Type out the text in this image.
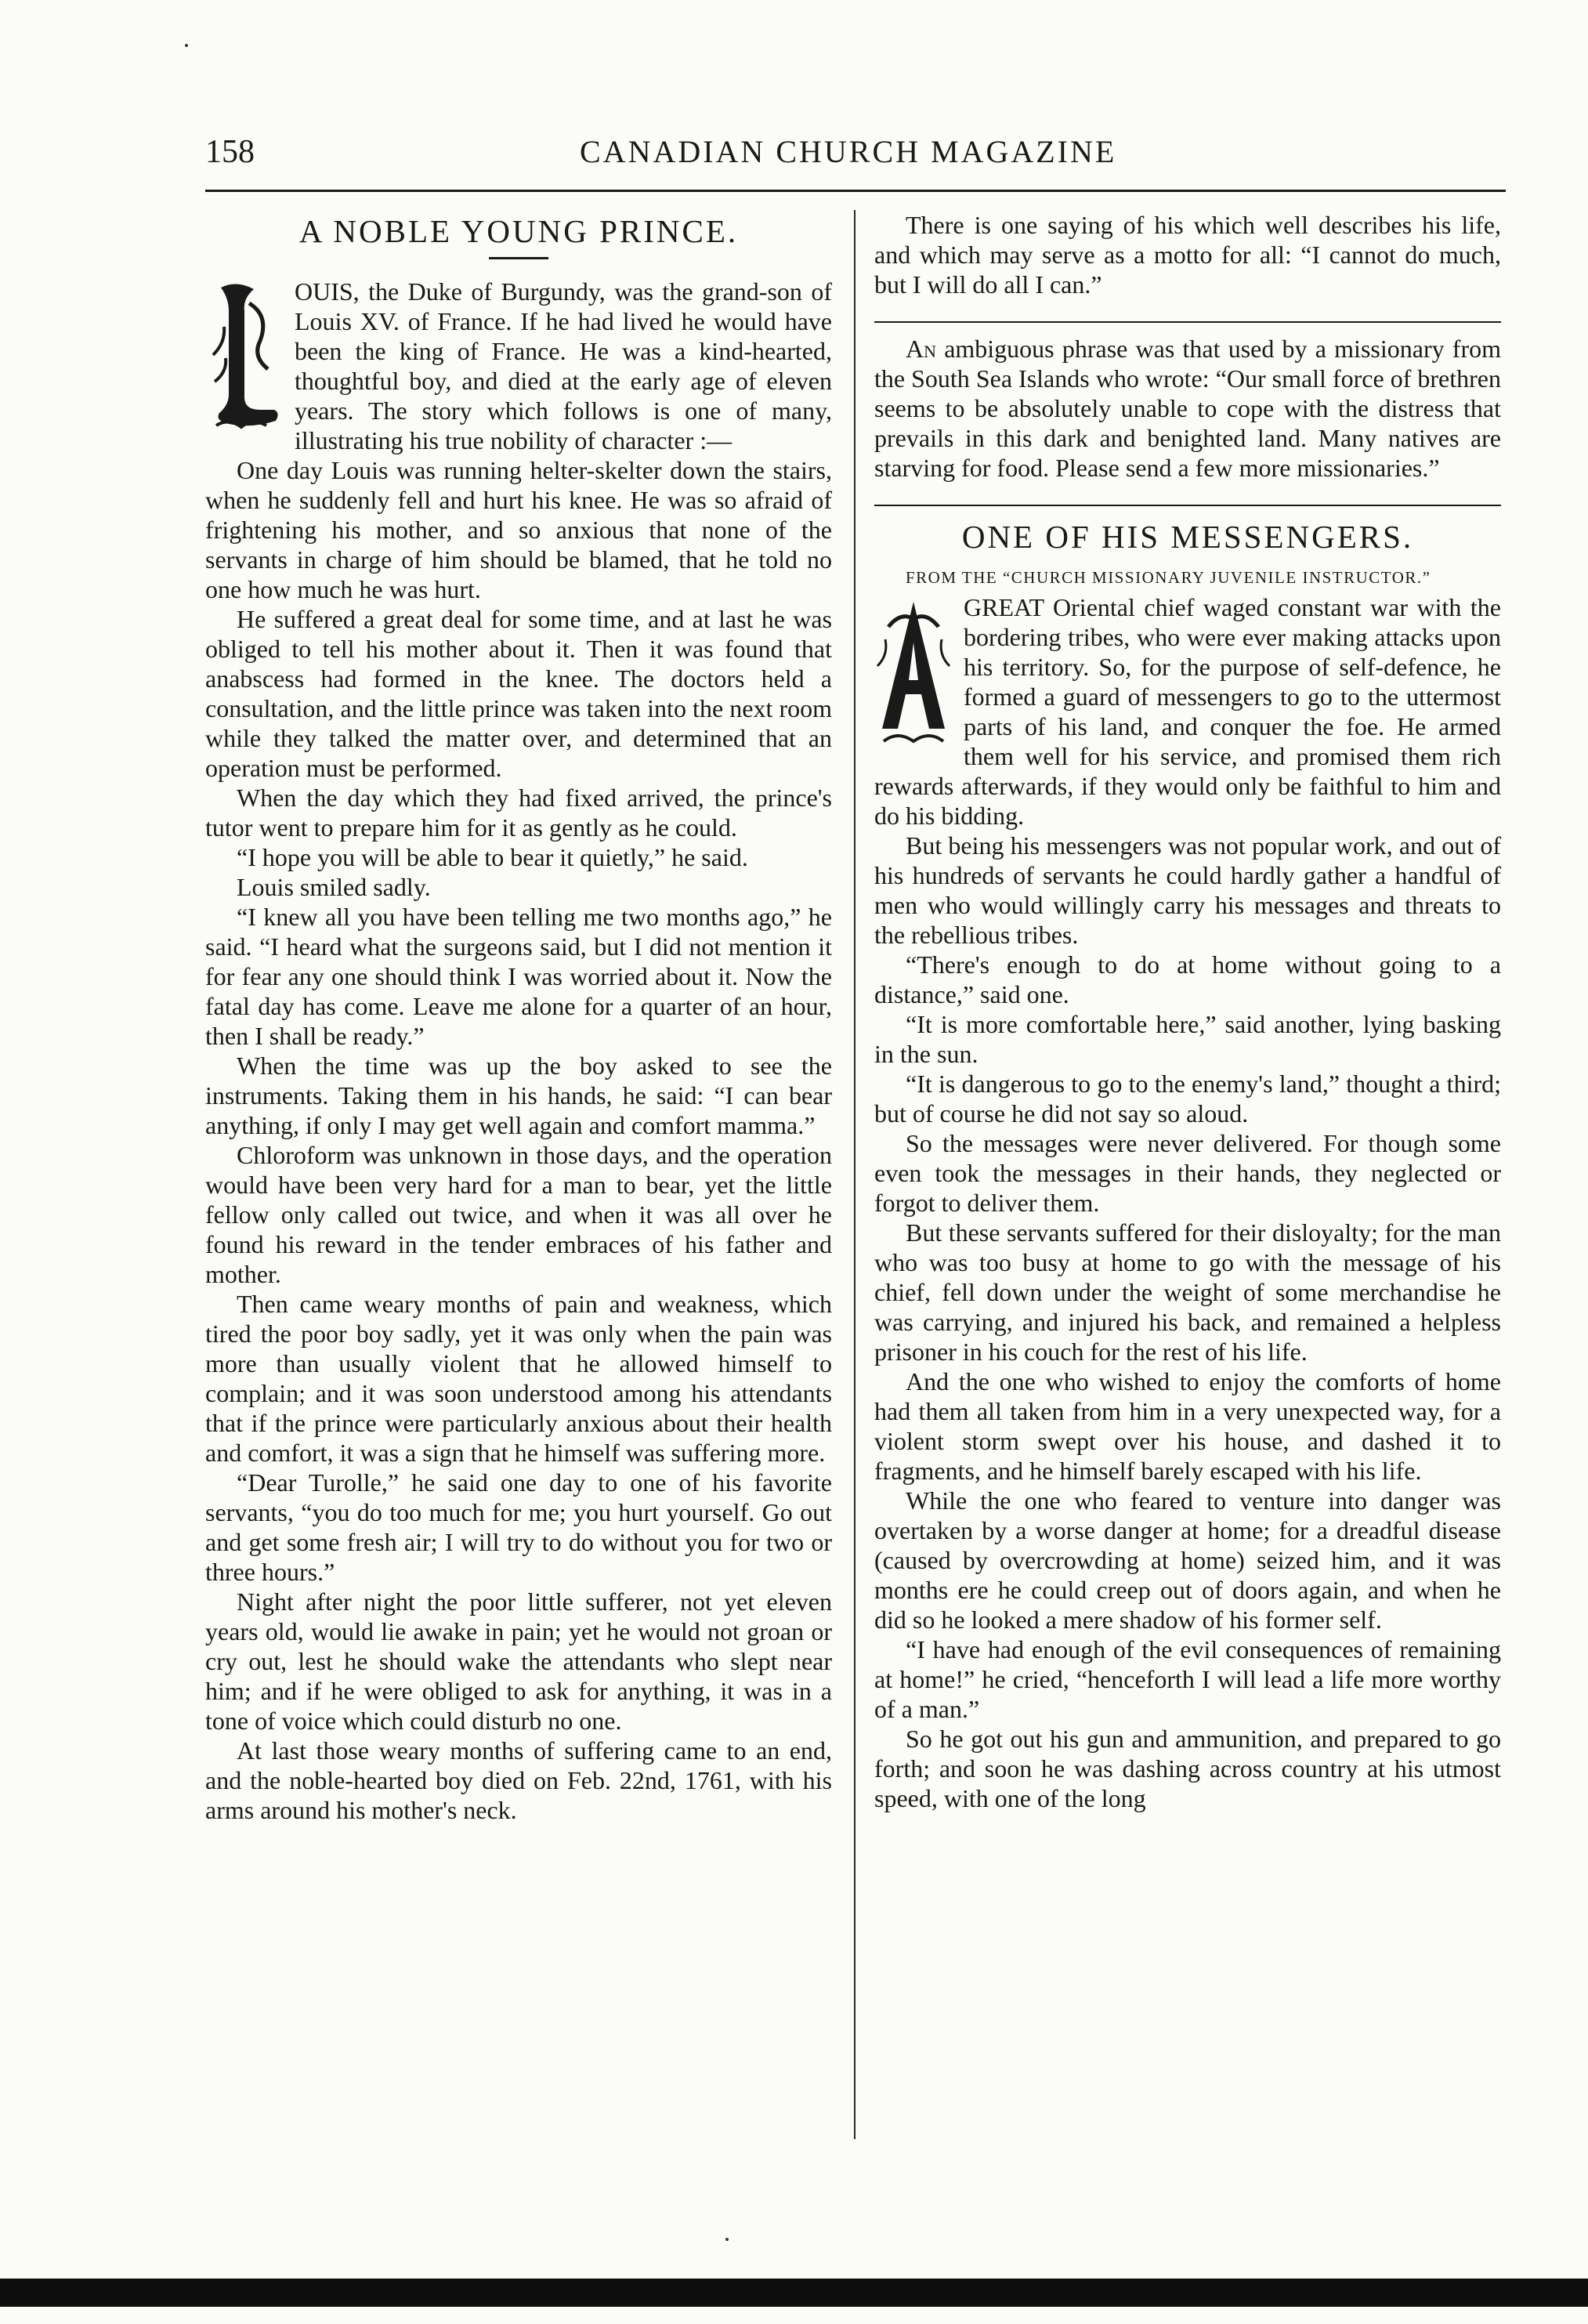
158	CANADIAN CHURCH MAGAZINE
A NOBLE YOUNG PRINCE.

OUIS, the Duke of Burgundy, was the grand-son of Louis XV. of France. If he had lived he would have been the king of France. He was a kind-hearted, thoughtful boy, and died at the early age of eleven years. The story which follows is one of many, illustrating his true nobility of character :—

One day Louis was running helter-skelter down the stairs, when he suddenly fell and hurt his knee. He was so afraid of frightening his mother, and so anxious that none of the servants in charge of him should be blamed, that he told no one how much he was hurt.

He suffered a great deal for some time, and at last he was obliged to tell his mother about it. Then it was found that anabscess had formed in the knee. The doctors held a consultation, and the little prince was taken into the next room while they talked the matter over, and determined that an operation must be performed.

When the day which they had fixed arrived, the prince's tutor went to prepare him for it as gently as he could.

“I hope you will be able to bear it quietly,” he said.

Louis smiled sadly.

“I knew all you have been telling me two months ago,” he said. “I heard what the surgeons said, but I did not mention it for fear any one should think I was worried about it. Now the fatal day has come. Leave me alone for a quarter of an hour, then I shall be ready.”

When the time was up the boy asked to see the instruments. Taking them in his hands, he said: “I can bear anything, if only I may get well again and comfort mamma.”

Chloroform was unknown in those days, and the operation would have been very hard for a man to bear, yet the little fellow only called out twice, and when it was all over he found his reward in the tender embraces of his father and mother.

Then came weary months of pain and weakness, which tired the poor boy sadly, yet it was only when the pain was more than usually violent that he allowed himself to complain; and it was soon understood among his attendants that if the prince were particularly anxious about their health and comfort, it was a sign that he himself was suffering more.

“Dear Turolle,” he said one day to one of his favorite servants, “you do too much for me; you hurt yourself. Go out and get some fresh air; I will try to do without you for two or three hours.”

Night after night the poor little sufferer, not yet eleven years old, would lie awake in pain; yet he would not groan or cry out, lest he should wake the attendants who slept near him; and if he were obliged to ask for anything, it was in a tone of voice which could disturb no one.

At last those weary months of suffering came to an end, and the noble-hearted boy died on Feb. 22nd, 1761, with his arms around his mother's neck.

There is one saying of his which well describes his life, and which may serve as a motto for all: “I cannot do much, but I will do all I can.”

An ambiguous phrase was that used by a missionary from the South Sea Islands who wrote: “Our small force of brethren seems to be absolutely unable to cope with the distress that prevails in this dark and benighted land. Many natives are starving for food. Please send a few more missionaries.”

ONE OF HIS MESSENGERS.

FROM THE “CHURCH MISSIONARY JUVENILE INSTRUCTOR.”

GREAT Oriental chief waged constant war with the bordering tribes, who were ever making attacks upon his territory. So, for the purpose of self-defence, he formed a guard of messengers to go to the uttermost parts of his land, and conquer the foe. He armed them well for his service, and promised them rich rewards afterwards, if they would only be faithful to him and do his bidding.

But being his messengers was not popular work, and out of his hundreds of servants he could hardly gather a handful of men who would willingly carry his messages and threats to the rebellious tribes.

“There's enough to do at home without going to a distance,” said one.

“It is more comfortable here,” said another, lying basking in the sun.

“It is dangerous to go to the enemy's land,” thought a third; but of course he did not say so aloud.

So the messages were never delivered. For though some even took the messages in their hands, they neglected or forgot to deliver them.

But these servants suffered for their disloyalty; for the man who was too busy at home to go with the message of his chief, fell down under the weight of some merchandise he was carrying, and injured his back, and remained a helpless prisoner in his couch for the rest of his life.

And the one who wished to enjoy the comforts of home had them all taken from him in a very unexpected way, for a violent storm swept over his house, and dashed it to fragments, and he himself barely escaped with his life.

While the one who feared to venture into danger was overtaken by a worse danger at home; for a dreadful disease (caused by overcrowding at home) seized him, and it was months ere he could creep out of doors again, and when he did so he looked a mere shadow of his former self.

“I have had enough of the evil consequences of remaining at home!” he cried, “henceforth I will lead a life more worthy of a man.”

So he got out his gun and ammunition, and prepared to go forth; and soon he was dashing across country at his utmost speed, with one of the long
